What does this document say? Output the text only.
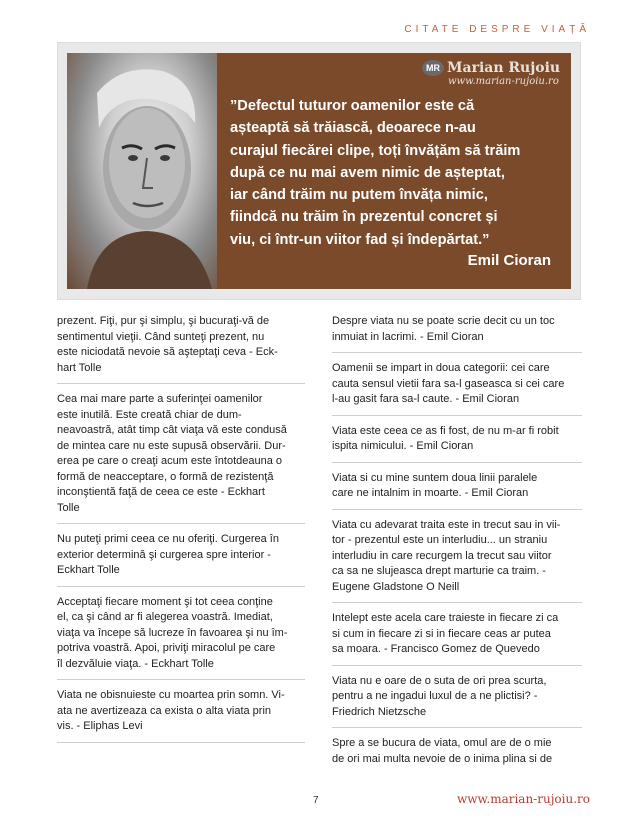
CITATE DESPRE VIAȚĂ
MR Marian Rujoiu
www.marian-rujoiu.ro
”Defectul tuturor oamenilor este că
așteaptă să trăiască, deoarece n-au
curajul fiecărei clipe, toți învățăm să trăim
după ce nu mai avem nimic de așteptat,
iar când trăim nu putem învăța nimic,
fiindcă nu trăim în prezentul concret și
viu, ci într-un viitor fad și îndepărtat.”
Emil Cioran
prezent. Fiţi, pur şi simplu, şi bucuraţi-vă de
sentimentul vieţii. Când sunteţi prezent, nu
este niciodată nevoie să aşteptaţi ceva - Eck-
hart Tolle
Cea mai mare parte a suferinţei oamenilor
este inutilă. Este creată chiar de dum-
neavoastră, atât timp cât viaţa vă este condusă
de mintea care nu este supusă observării. Dur-
erea pe care o creaţi acum este întotdeauna o
formă de neacceptare, o formă de rezistenţă
inconştientă faţă de ceea ce este - Eckhart
Tolle
Nu puteţi primi ceea ce nu oferiţi. Curgerea în
exterior determină şi curgerea spre interior -
Eckhart Tolle
Acceptaţi fiecare moment şi tot ceea conţine
el, ca şi când ar fi alegerea voastră. Imediat,
viaţa va începe să lucreze în favoarea şi nu îm-
potriva voastră. Apoi, priviţi miracolul pe care
îl dezvăluie viaţa. - Eckhart Tolle
Viata ne obisnuieste cu moartea prin somn. Vi-
ata ne avertizeaza ca exista o alta viata prin
vis. - Eliphas Levi
Despre viata nu se poate scrie decit cu un toc
inmuiat in lacrimi. - Emil Cioran
Oamenii se impart in doua categorii: cei care
cauta sensul vietii fara sa-l gaseasca si cei care
l-au gasit fara sa-l caute. - Emil Cioran
Viata este ceea ce as fi fost, de nu m-ar fi robit
ispita nimicului. - Emil Cioran
Viata si cu mine suntem doua linii paralele
care ne intalnim in moarte. - Emil Cioran
Viata cu adevarat traita este in trecut sau in vii-
tor - prezentul este un interludiu... un straniu
interludiu in care recurgem la trecut sau viitor
ca sa ne slujeasca drept marturie ca traim. -
Eugene Gladstone O Neill
Intelept este acela care traieste in fiecare zi ca
si cum in fiecare zi si in fiecare ceas ar putea
sa moara. - Francisco Gomez de Quevedo
Viata nu e oare de o suta de ori prea scurta,
pentru a ne ingadui luxul de a ne plictisi? -
Friedrich Nietzsche
Spre a se bucura de viata, omul are de o mie
de ori mai multa nevoie de o inima plina si de
7	www.marian-rujoiu.ro
